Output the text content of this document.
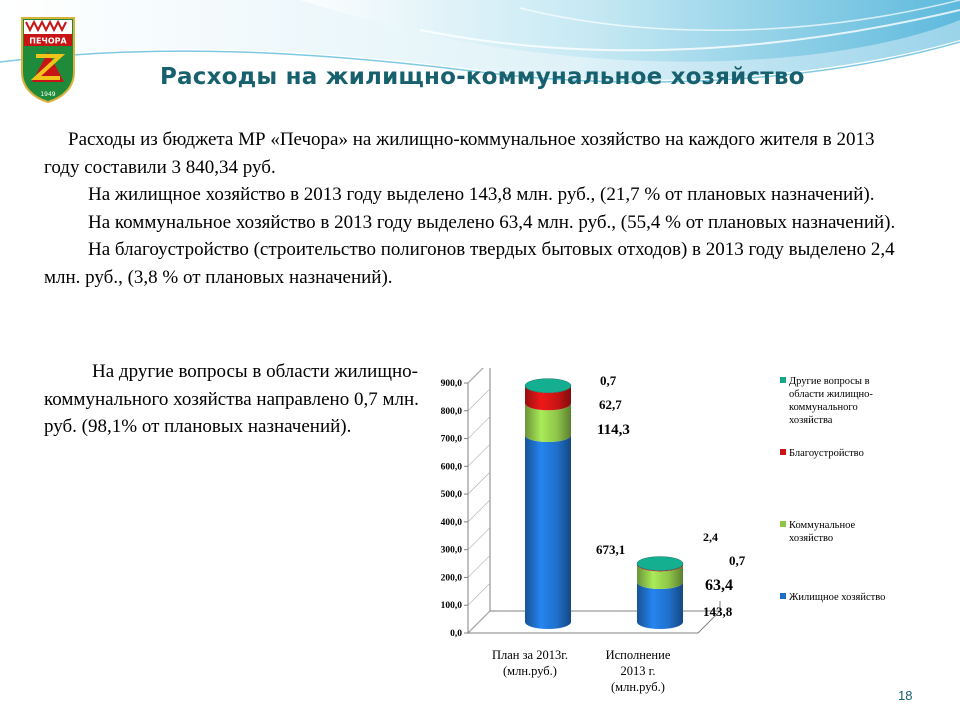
ПЕЧОРА
1949
Расходы на жилищно-коммунальное хозяйство

Расходы из бюджета МР «Печора» на жилищно-коммунальное хозяйство на каждого жителя в 2013 году составили 3 840,34 руб.

На жилищное хозяйство в 2013 году выделено 143,8 млн. руб., (21,7 % от плановых назначений).

На коммунальное хозяйство в 2013 году выделено 63,4 млн. руб., (55,4 % от плановых назначений).

На благоустройство (строительство полигонов твердых бытовых отходов) в 2013 году выделено 2,4 млн. руб., (3,8 % от плановых назначений).

На другие вопросы в области жилищно-коммунального хозяйства направлено 0,7 млн. руб. (98,1% от плановых назначений).

0,0
100,0
200,0
300,0
400,0
500,0
600,0
700,0
800,0
900,0
673,1
114,3
62,7
0,7
143,8
63,4
2,4
0,7
План за 2013г.
(млн.руб.)
Исполнение
2013 г.
(млн.руб.)
Другие вопросы в
области жилищно-
коммунального
хозяйства
Благоустройство
Коммунальное
хозяйство
Жилищное хозяйство
18
